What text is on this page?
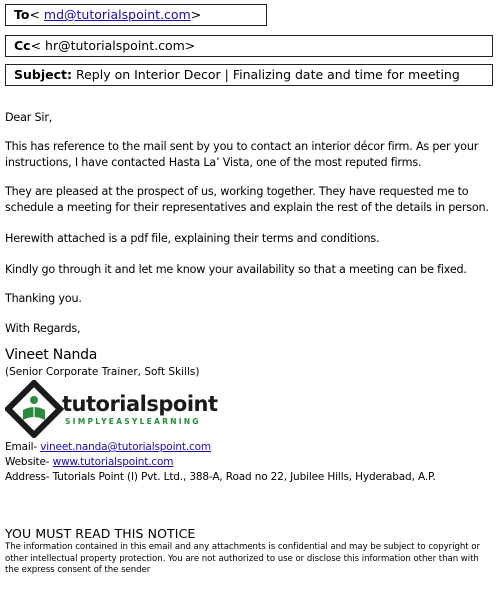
To< md@tutorialspoint.com>
Cc< hr@tutorialspoint.com>
Subject: Reply on Interior Decor | Finalizing date and time for meeting
Dear Sir,
This has reference to the mail sent by you to contact an interior décor firm. As per your instructions, I have contacted Hasta La’ Vista, one of the most reputed firms.
They are pleased at the prospect of us, working together. They have requested me to schedule a meeting for their representatives and explain the rest of the details in person.
Herewith attached is a pdf file, explaining their terms and conditions.
Kindly go through it and let me know your availability so that a meeting can be fixed.
Thanking you.
With Regards,
Vineet Nanda
(Senior Corporate Trainer, Soft Skills)
tutorialspoint
SIMPLYEASYLEARNING
Email- vineet.nanda@tutorialspoint.com
Website- www.tutorialspoint.com
Address- Tutorials Point (I) Pvt. Ltd., 388-A, Road no 22, Jubilee Hills, Hyderabad, A.P.
YOU MUST READ THIS NOTICE
The information contained in this email and any attachments is confidential and may be subject to copyright or other intellectual property protection. You are not authorized to use or disclose this information other than with the express consent of the sender
